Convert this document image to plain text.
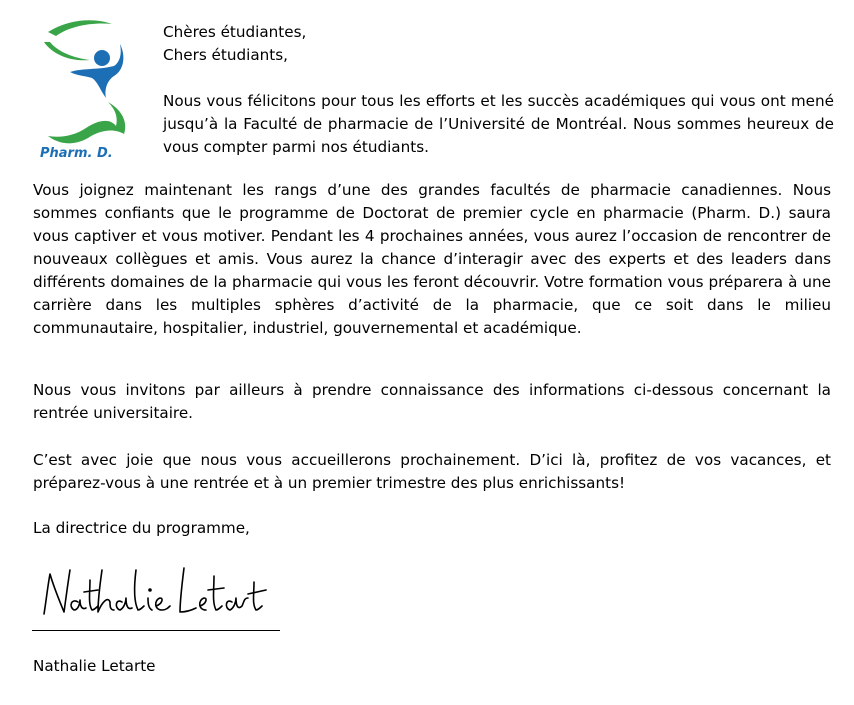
Pharm. D.

Chères étudiantes,
Chers étudiants,

Nous vous félicitons pour tous les efforts et les succès académiques qui vous ont mené jusqu’à la Faculté de pharmacie de l’Université de Montréal. Nous sommes heureux de vous compter parmi nos étudiants.

Vous joignez maintenant les rangs d’une des grandes facultés de pharmacie canadiennes. Nous sommes confiants que le programme de Doctorat de premier cycle en pharmacie (Pharm. D.) saura vous captiver et vous motiver. Pendant les 4 prochaines années, vous aurez l’occasion de rencontrer de nouveaux collègues et amis. Vous aurez la chance d’interagir avec des experts et des leaders dans différents domaines de la pharmacie qui vous les feront découvrir. Votre formation vous préparera à une carrière dans les multiples sphères d’activité de la pharmacie, que ce soit dans le milieu communautaire, hospitalier, industriel, gouvernemental et académique.

Nous vous invitons par ailleurs à prendre connaissance des informations ci-dessous concernant la rentrée universitaire.

C’est avec joie que nous vous accueillerons prochainement. D’ici là, profitez de vos vacances, et préparez-vous à une rentrée et à un premier trimestre des plus enrichissants!

La directrice du programme,

Nathalie Letarte
